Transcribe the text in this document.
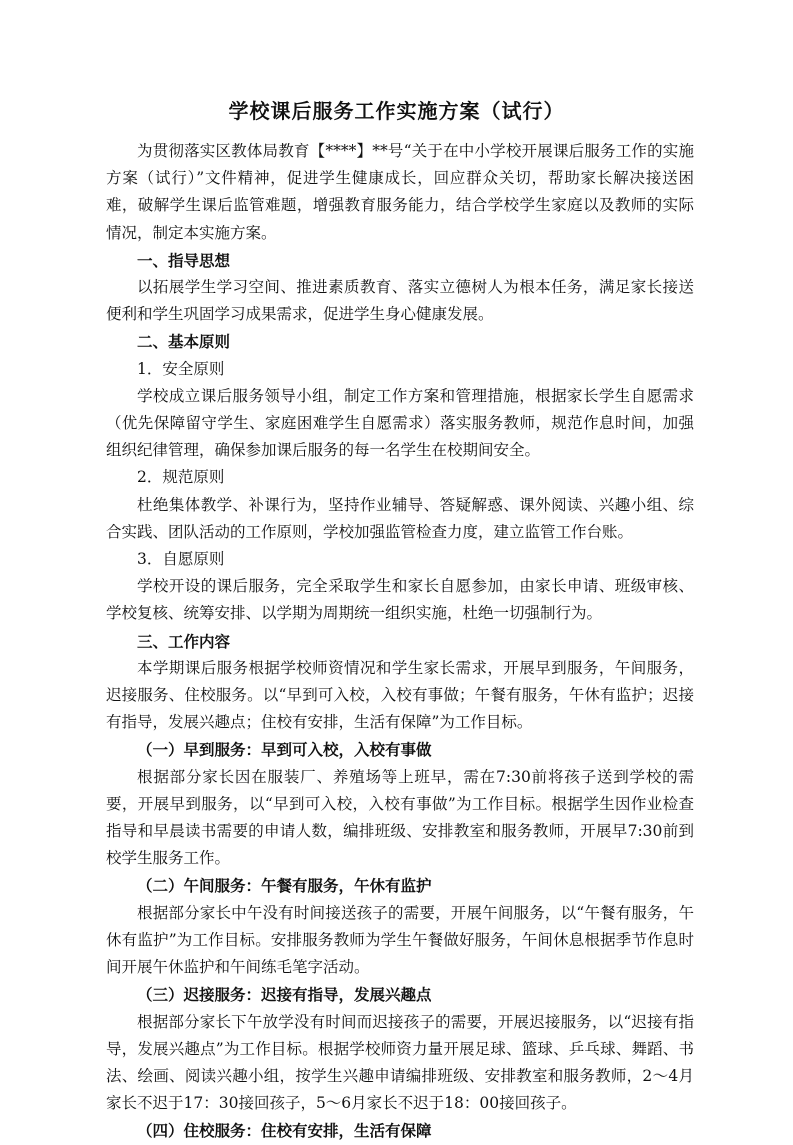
学校课后服务工作实施方案（试行）

为贯彻落实区教体局教育【****】**号“关于在中小学校开展课后服务工作的实施方案（试行）”文件精神，促进学生健康成长，回应群众关切，帮助家长解决接送困难，破解学生课后监管难题，增强教育服务能力，结合学校学生家庭以及教师的实际情况，制定本实施方案。

一、指导思想

以拓展学生学习空间、推进素质教育、落实立德树人为根本任务，满足家长接送便利和学生巩固学习成果需求，促进学生身心健康发展。

二、基本原则

1．安全原则

学校成立课后服务领导小组，制定工作方案和管理措施，根据家长学生自愿需求（优先保障留守学生、家庭困难学生自愿需求）落实服务教师，规范作息时间，加强组织纪律管理，确保参加课后服务的每一名学生在校期间安全。

2．规范原则

杜绝集体教学、补课行为，坚持作业辅导、答疑解惑、课外阅读、兴趣小组、综合实践、团队活动的工作原则，学校加强监管检查力度，建立监管工作台账。

3．自愿原则

学校开设的课后服务，完全采取学生和家长自愿参加，由家长申请、班级审核、学校复核、统筹安排、以学期为周期统一组织实施，杜绝一切强制行为。

三、工作内容

本学期课后服务根据学校师资情况和学生家长需求，开展早到服务，午间服务，迟接服务、住校服务。以“早到可入校，入校有事做；午餐有服务，午休有监护；迟接有指导，发展兴趣点；住校有安排，生活有保障”为工作目标。

（一）早到服务：早到可入校，入校有事做

根据部分家长因在服装厂、养殖场等上班早，需在7:30前将孩子送到学校的需要，开展早到服务，以“早到可入校，入校有事做”为工作目标。根据学生因作业检查指导和早晨读书需要的申请人数，编排班级、安排教室和服务教师，开展早7:30前到校学生服务工作。

（二）午间服务：午餐有服务，午休有监护

根据部分家长中午没有时间接送孩子的需要，开展午间服务，以“午餐有服务，午休有监护”为工作目标。安排服务教师为学生午餐做好服务，午间休息根据季节作息时间开展午休监护和午间练毛笔字活动。

（三）迟接服务：迟接有指导，发展兴趣点

根据部分家长下午放学没有时间而迟接孩子的需要，开展迟接服务，以“迟接有指导，发展兴趣点”为工作目标。根据学校师资力量开展足球、篮球、乒乓球、舞蹈、书法、绘画、阅读兴趣小组，按学生兴趣申请编排班级、安排教室和服务教师，2～4月家长不迟于17：30接回孩子，5～6月家长不迟于18：00接回孩子。

（四）住校服务：住校有安排，生活有保障
